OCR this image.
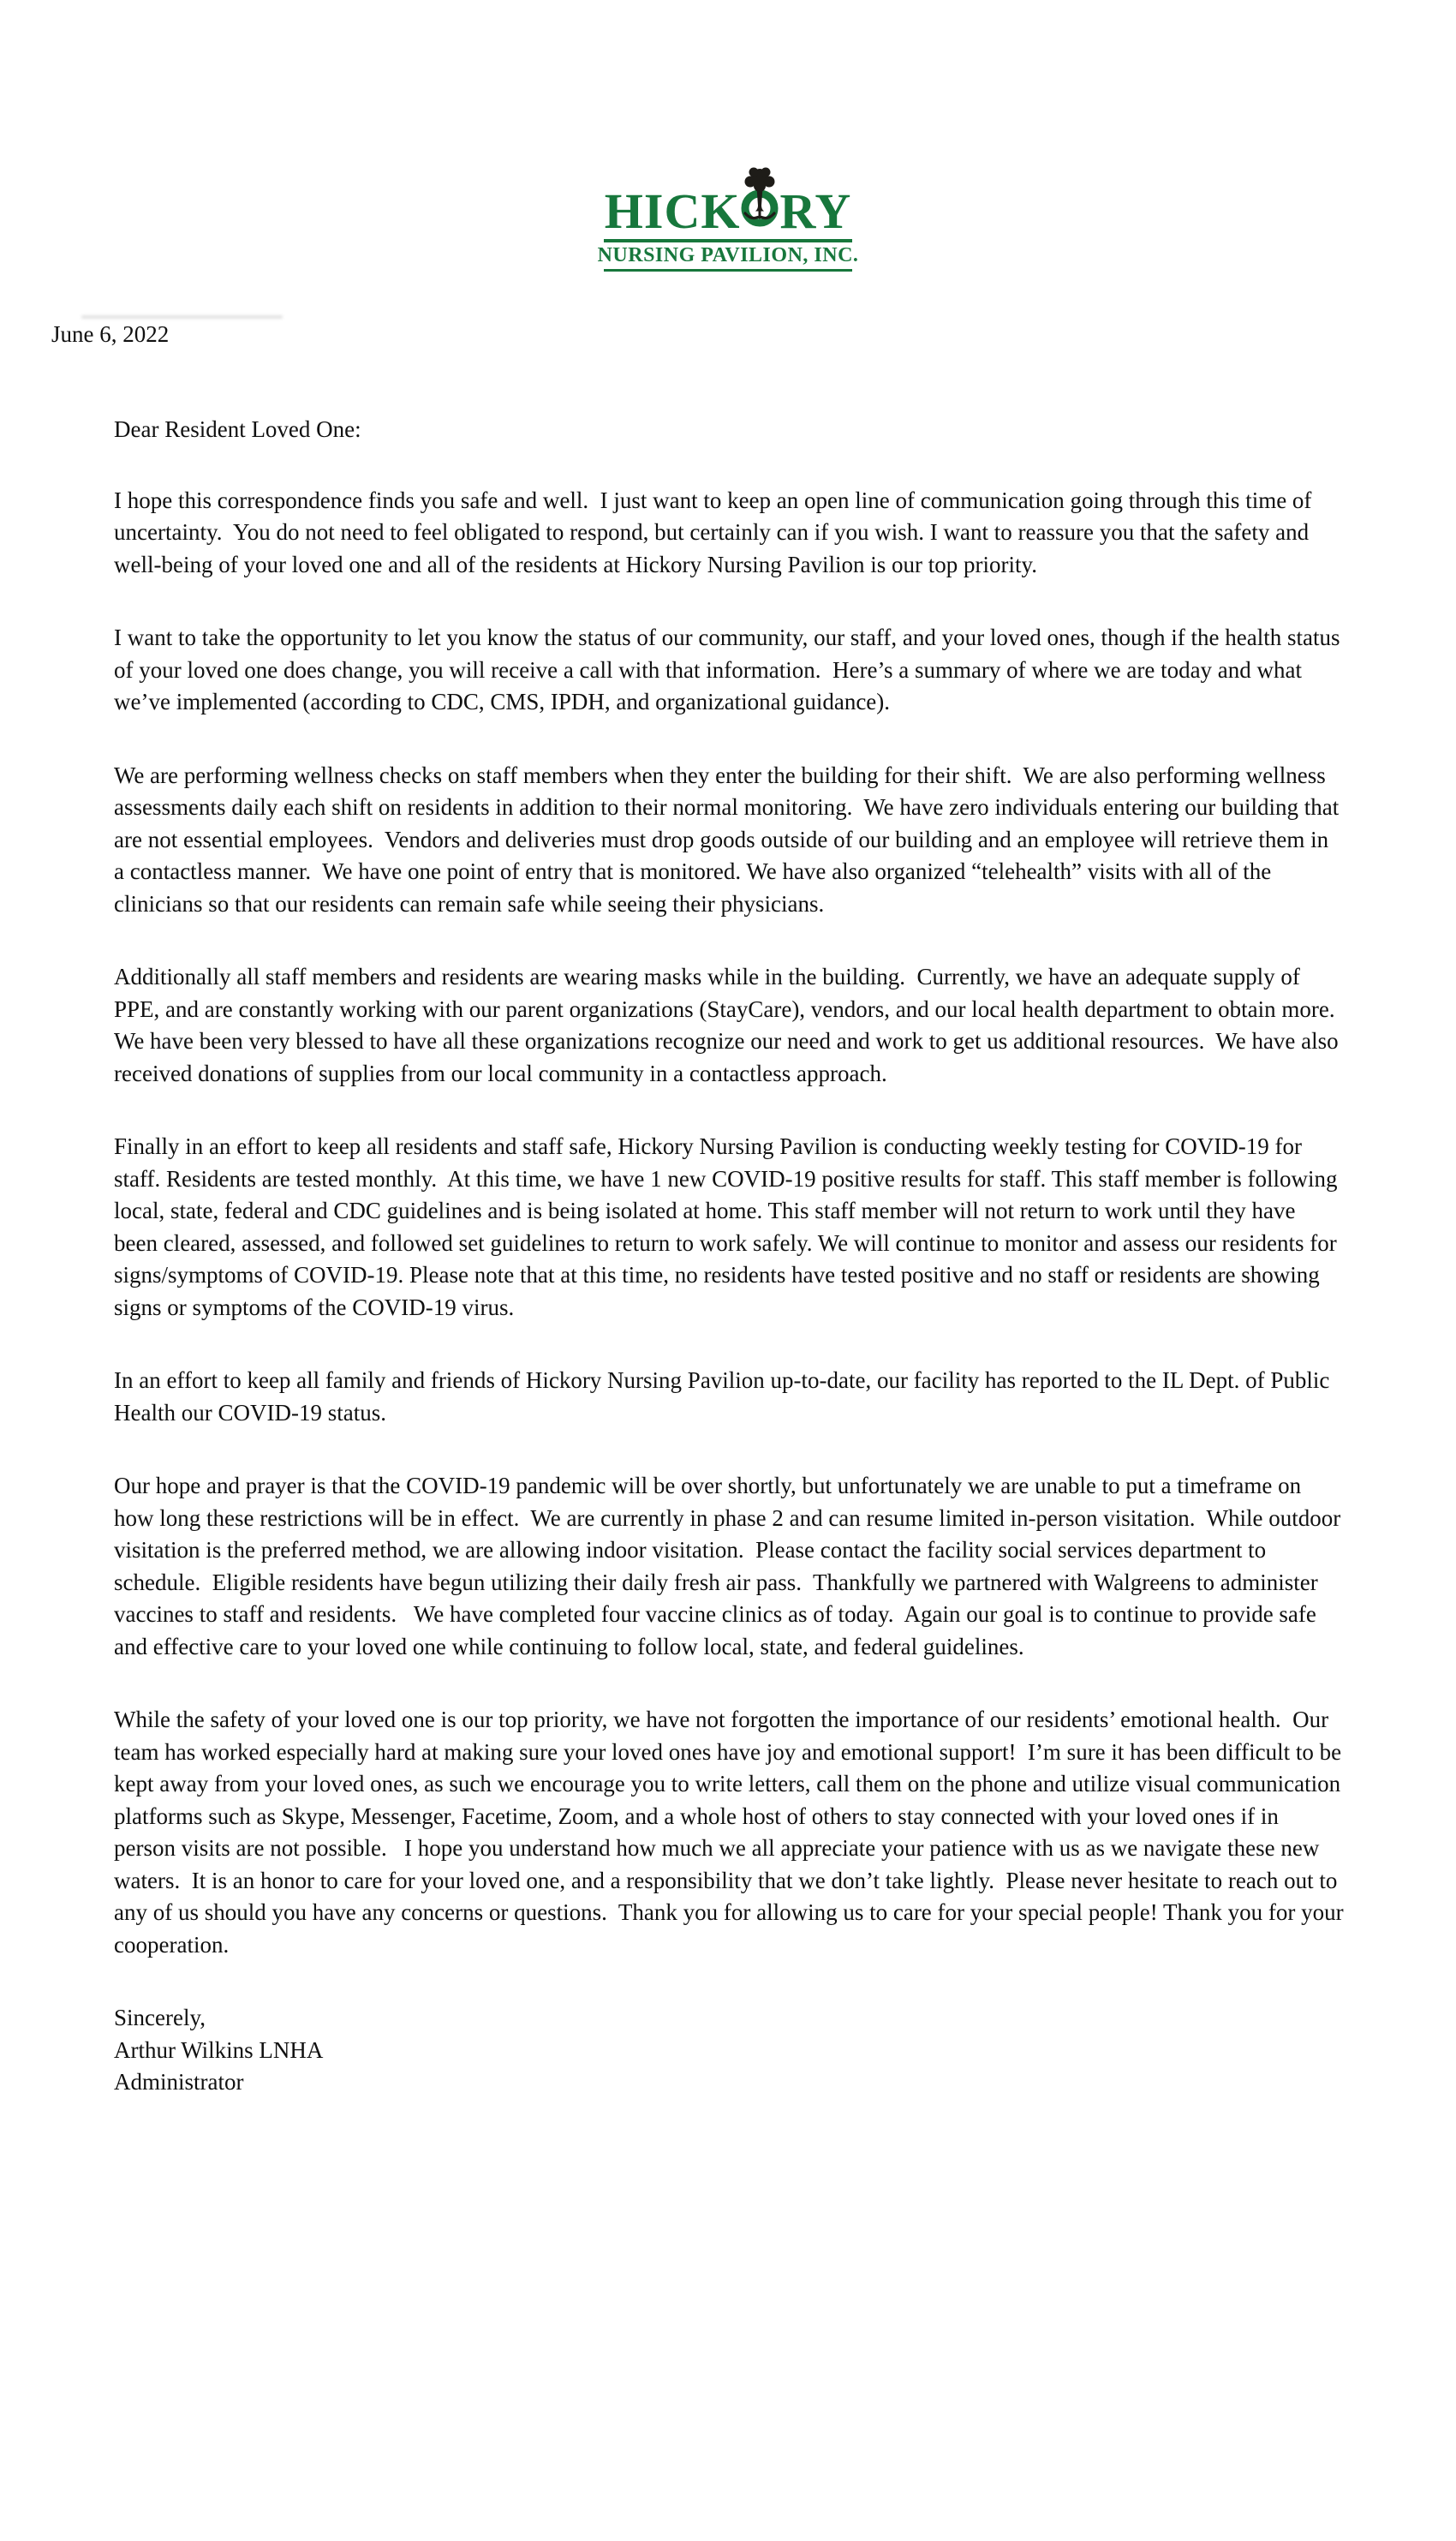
HICK RY
NURSING PAVILION, INC.
June 6, 2022

Dear Resident Loved One:

I hope this correspondence finds you safe and well.  I just want to keep an open line of communication going through this time of uncertainty.  You do not need to feel obligated to respond, but certainly can if you wish. I want to reassure you that the safety and well-being of your loved one and all of the residents at Hickory Nursing Pavilion is our top priority.

I want to take the opportunity to let you know the status of our community, our staff, and your loved ones, though if the health status of your loved one does change, you will receive a call with that information.  Here’s a summary of where we are today and what we’ve implemented (according to CDC, CMS, IPDH, and organizational guidance).

We are performing wellness checks on staff members when they enter the building for their shift.  We are also performing wellness assessments daily each shift on residents in addition to their normal monitoring.  We have zero individuals entering our building that are not essential employees.  Vendors and deliveries must drop goods outside of our building and an employee will retrieve them in a contactless manner.  We have one point of entry that is monitored. We have also organized “telehealth” visits with all of the clinicians so that our residents can remain safe while seeing their physicians.

Additionally all staff members and residents are wearing masks while in the building.  Currently, we have an adequate supply of PPE, and are constantly working with our parent organizations (StayCare), vendors, and our local health department to obtain more.  We have been very blessed to have all these organizations recognize our need and work to get us additional resources.  We have also received donations of supplies from our local community in a contactless approach.

Finally in an effort to keep all residents and staff safe, Hickory Nursing Pavilion is conducting weekly testing for COVID-19 for staff. Residents are tested monthly.  At this time, we have 1 new COVID-19 positive results for staff. This staff member is following local, state, federal and CDC guidelines and is being isolated at home. This staff member will not return to work until they have been cleared, assessed, and followed set guidelines to return to work safely. We will continue to monitor and assess our residents for signs/symptoms of COVID-19. Please note that at this time, no residents have tested positive and no staff or residents are showing signs or symptoms of the COVID-19 virus.

In an effort to keep all family and friends of Hickory Nursing Pavilion up-to-date, our facility has reported to the IL Dept. of Public Health our COVID-19 status.

Our hope and prayer is that the COVID-19 pandemic will be over shortly, but unfortunately we are unable to put a timeframe on how long these restrictions will be in effect.  We are currently in phase 2 and can resume limited in-person visitation.  While outdoor visitation is the preferred method, we are allowing indoor visitation.  Please contact the facility social services department to schedule.  Eligible residents have begun utilizing their daily fresh air pass.  Thankfully we partnered with Walgreens to administer vaccines to staff and residents.   We have completed four vaccine clinics as of today.  Again our goal is to continue to provide safe and effective care to your loved one while continuing to follow local, state, and federal guidelines.

While the safety of your loved one is our top priority, we have not forgotten the importance of our residents’ emotional health.  Our team has worked especially hard at making sure your loved ones have joy and emotional support!  I’m sure it has been difficult to be kept away from your loved ones, as such we encourage you to write letters, call them on the phone and utilize visual communication platforms such as Skype, Messenger, Facetime, Zoom, and a whole host of others to stay connected with your loved ones if in person visits are not possible.   I hope you understand how much we all appreciate your patience with us as we navigate these new waters.  It is an honor to care for your loved one, and a responsibility that we don’t take lightly.  Please never hesitate to reach out to any of us should you have any concerns or questions.  Thank you for allowing us to care for your special people! Thank you for your cooperation.

Sincerely,

Arthur Wilkins LNHA

Administrator
